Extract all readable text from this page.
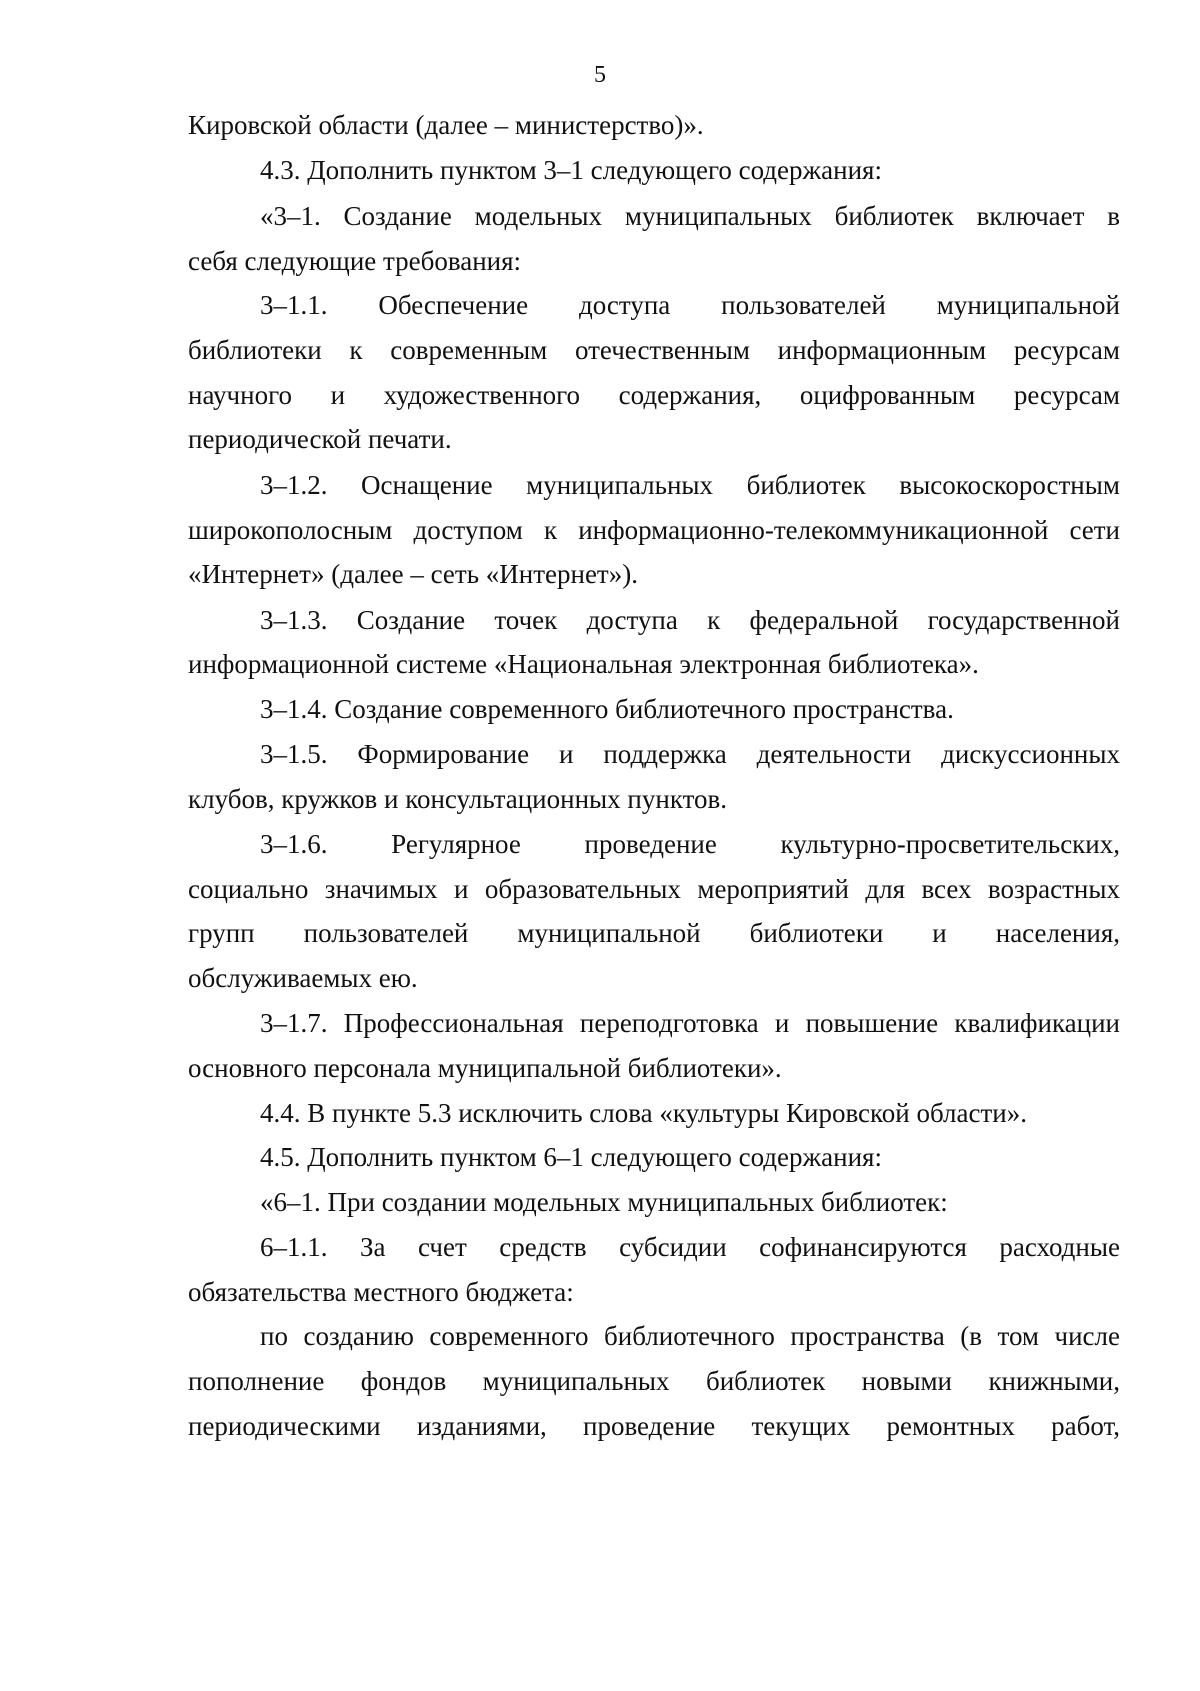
5
Кировской области (далее – министерство)».
4.3. Дополнить пунктом 3–1 следующего содержания:
«3–1. Создание модельных муниципальных библиотек включает в
себя следующие требования:
3–1.1. Обеспечение доступа пользователей муниципальной
библиотеки к современным отечественным информационным ресурсам
научного и художественного содержания, оцифрованным ресурсам
периодической печати.
3–1.2. Оснащение муниципальных библиотек высокоскоростным
широкополосным доступом к информационно-телекоммуникационной сети
«Интернет» (далее – сеть «Интернет»).
3–1.3. Создание точек доступа к федеральной государственной
информационной системе «Национальная электронная библиотека».
3–1.4. Создание современного библиотечного пространства.
3–1.5. Формирование и поддержка деятельности дискуссионных
клубов, кружков и консультационных пунктов.
3–1.6. Регулярное проведение культурно-просветительских,
социально значимых и образовательных мероприятий для всех возрастных
групп пользователей муниципальной библиотеки и населения,
обслуживаемых ею.
3–1.7. Профессиональная переподготовка и повышение квалификации
основного персонала муниципальной библиотеки».
4.4. В пункте 5.3 исключить слова «культуры Кировской области».
4.5. Дополнить пунктом 6–1 следующего содержания:
«6–1. При создании модельных муниципальных библиотек:
6–1.1. За счет средств субсидии софинансируются расходные
обязательства местного бюджета:
по созданию современного библиотечного пространства (в том числе
пополнение фондов муниципальных библиотек новыми книжными,
периодическими изданиями, проведение текущих ремонтных работ,
